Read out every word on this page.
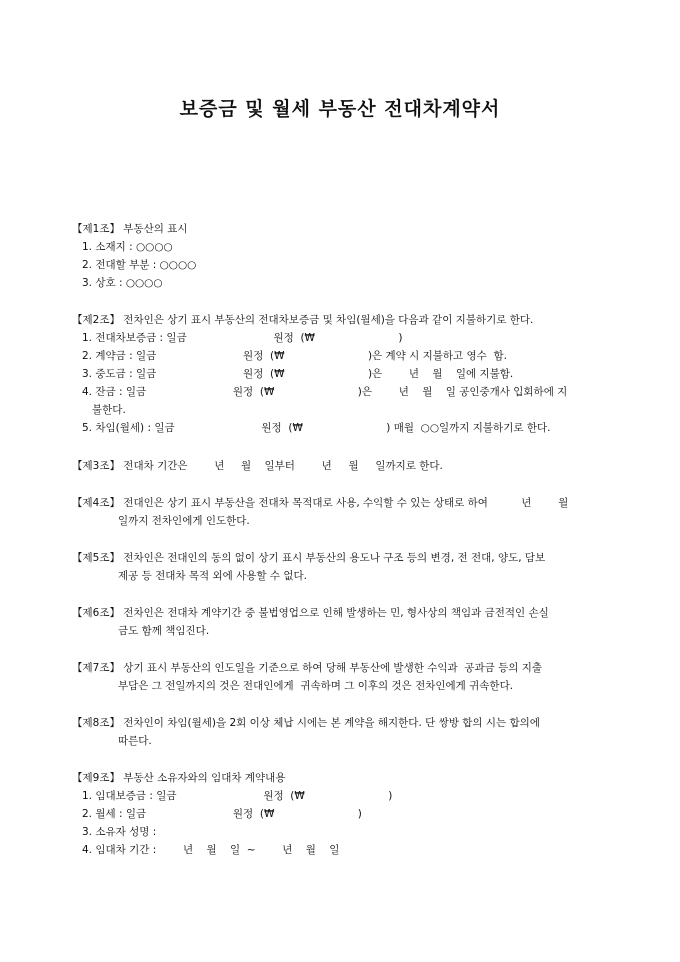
보증금 및 월세 부동산 전대차계약서
【제1조】 부동산의 표시
1. 소재지 : ○○○○
2. 전대할 부분 : ○○○○
3. 상호 : ○○○○
【제2조】 전차인은 상기 표시 부동산의 전대차보증금 및 차임(월세)을 다음과 같이 지불하기로 한다.
1. 전대차보증금 : 일금                          원정  (₩                         )
2. 계약금 : 일금                          원정  (₩                         )은 계약 시 지불하고 영수  함.
3. 중도금 : 일금                          원정  (₩                         )은        년    월    일에 지불함.
4. 잔금 : 일금                          원정  (₩                         )은        년    월    일 공인중개사 입회하에 지
불한다.
5. 차임(월세) : 일금                          원정  (₩                         ) 매월  ○○일까지 지불하기로 한다.
【제3조】 전대차 기간은        년     월    일부터        년     월     일까지로 한다.
【제4조】 전대인은 상기 표시 부동산을 전대차 목적대로 사용, 수익할 수 있는 상태로 하여          년        월
일까지 전차인에게 인도한다.
【제5조】 전차인은 전대인의 동의 없이 상기 표시 부동산의 용도나 구조 등의 변경, 전 전대, 양도, 담보
제공 등 전대차 목적 외에 사용할 수 없다.
【제6조】 전차인은 전대차 계약기간 중 불법영업으로 인해 발생하는 민, 형사상의 책임과 금전적인 손실
금도 함께 책임진다.
【제7조】 상기 표시 부동산의 인도일을 기준으로 하여 당해 부동산에 발생한 수익과  공과금 등의 지출
부담은 그 전일까지의 것은 전대인에게  귀속하며 그 이후의 것은 전차인에게 귀속한다.
【제8조】 전차인이 차임(월세)을 2회 이상 체납 시에는 본 계약을 해지한다. 단 쌍방 합의 시는 합의에
따른다.
【제9조】 부동산 소유자와의 임대차 계약내용
1. 임대보증금 : 일금                          원정  (₩                         )
2. 월세 : 일금                          원정  (₩                         )
3. 소유자 성명 :
4. 임대차 기간 :        년    월    일  ~        년    월    일
